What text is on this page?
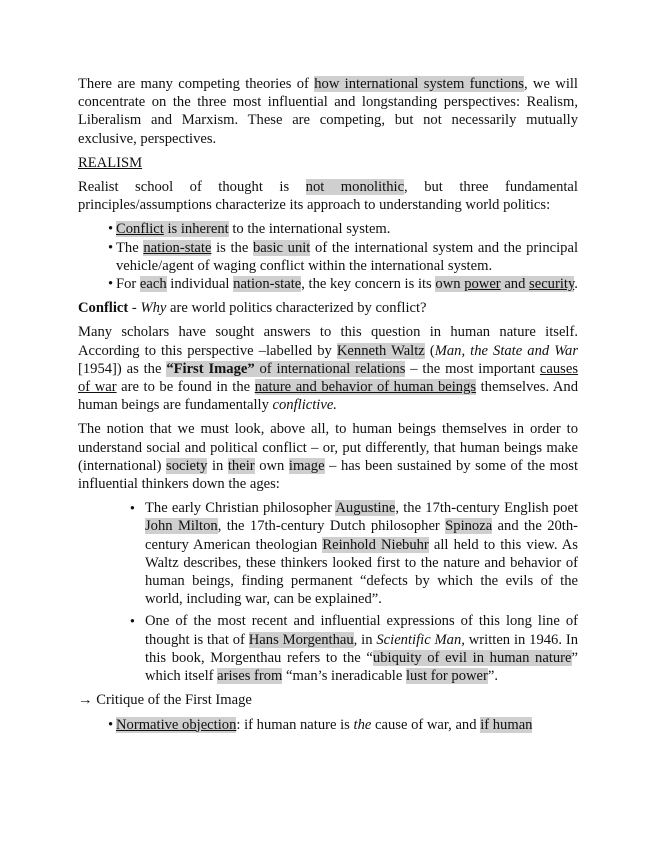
There are many competing theories of how international system functions, we will concentrate on the three most influential and longstanding perspectives: Realism, Liberalism and Marxism. These are competing, but not necessarily mutually exclusive, perspectives.

REALISM

Realist school of thought is not monolithic, but three fundamental principles/assumptions characterize its approach to understanding world politics:

• Conflict is inherent to the international system.
• The nation-state is the basic unit of the international system and the principal vehicle/agent of waging conflict within the international system.
• For each individual nation-state, the key concern is its own power and security.

Conflict - Why are world politics characterized by conflict?

Many scholars have sought answers to this question in human nature itself. According to this perspective –labelled by Kenneth Waltz (Man, the State and War [1954]) as the “First Image” of international relations – the most important causes of war are to be found in the nature and behavior of human beings themselves. And human beings are fundamentally conflictive.

The notion that we must look, above all, to human beings themselves in order to understand social and political conflict – or, put differently, that human beings make (international) society in their own image – has been sustained by some of the most influential thinkers down the ages:

● The early Christian philosopher Augustine, the 17th-century English poet John Milton, the 17th-century Dutch philosopher Spinoza and the 20th-century American theologian Reinhold Niebuhr all held to this view. As Waltz describes, these thinkers looked first to the nature and behavior of human beings, finding permanent “defects by which the evils of the world, including war, can be explained”.
● One of the most recent and influential expressions of this long line of thought is that of Hans Morgenthau, in Scientific Man, written in 1946. In this book, Morgenthau refers to the “ubiquity of evil in human nature” which itself arises from “man’s ineradicable lust for power”.

→ Critique of the First Image

• Normative objection: if human nature is the cause of war, and if human
